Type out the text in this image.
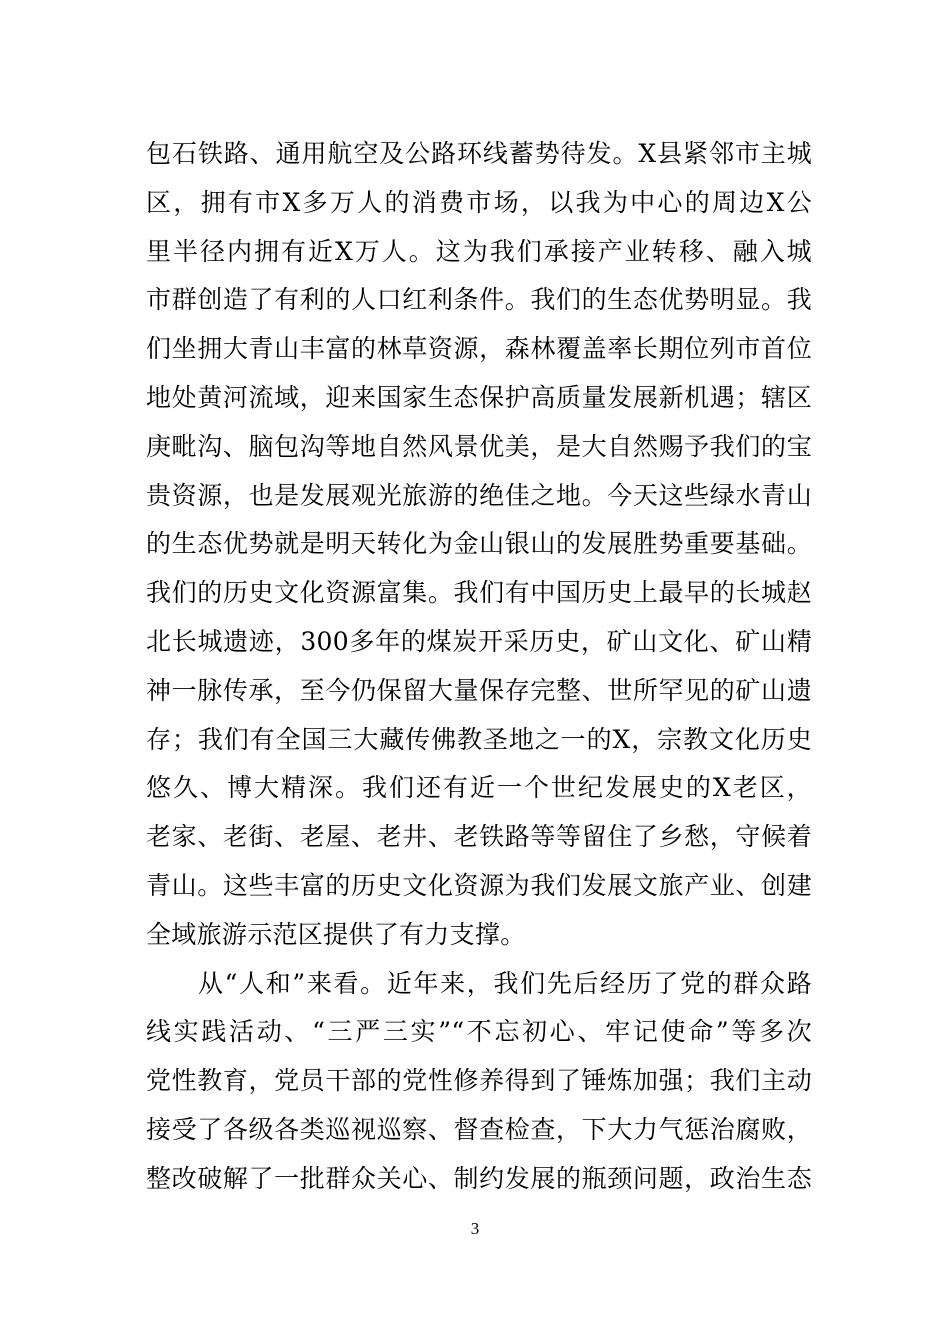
包石铁路、通用航空及公路环线蓄势待发。X县紧邻市主城
区，拥有市X多万人的消费市场，以我为中心的周边X公
里半径内拥有近X万人。这为我们承接产业转移、融入城
市群创造了有利的人口红利条件。我们的生态优势明显。我
们坐拥大青山丰富的林草资源，森林覆盖率长期位列市首位
地处黄河流域，迎来国家生态保护高质量发展新机遇；辖区
庚毗沟、脑包沟等地自然风景优美，是大自然赐予我们的宝
贵资源，也是发展观光旅游的绝佳之地。今天这些绿水青山
的生态优势就是明天转化为金山银山的发展胜势重要基础。
我们的历史文化资源富集。我们有中国历史上最早的长城赵
北长城遗迹，300多年的煤炭开采历史，矿山文化、矿山精
神一脉传承，至今仍保留大量保存完整、世所罕见的矿山遗
存；我们有全国三大藏传佛教圣地之一的X，宗教文化历史
悠久、博大精深。我们还有近一个世纪发展史的X老区，
老家、老街、老屋、老井、老铁路等等留住了乡愁，守候着
青山。这些丰富的历史文化资源为我们发展文旅产业、创建
全域旅游示范区提供了有力支撑。
从“人和”来看。近年来，我们先后经历了党的群众路
线实践活动、“三严三实”“不忘初心、牢记使命”等多次
党性教育，党员干部的党性修养得到了锤炼加强；我们主动
接受了各级各类巡视巡察、督查检查，下大力气惩治腐败，
整改破解了一批群众关心、制约发展的瓶颈问题，政治生态
3
